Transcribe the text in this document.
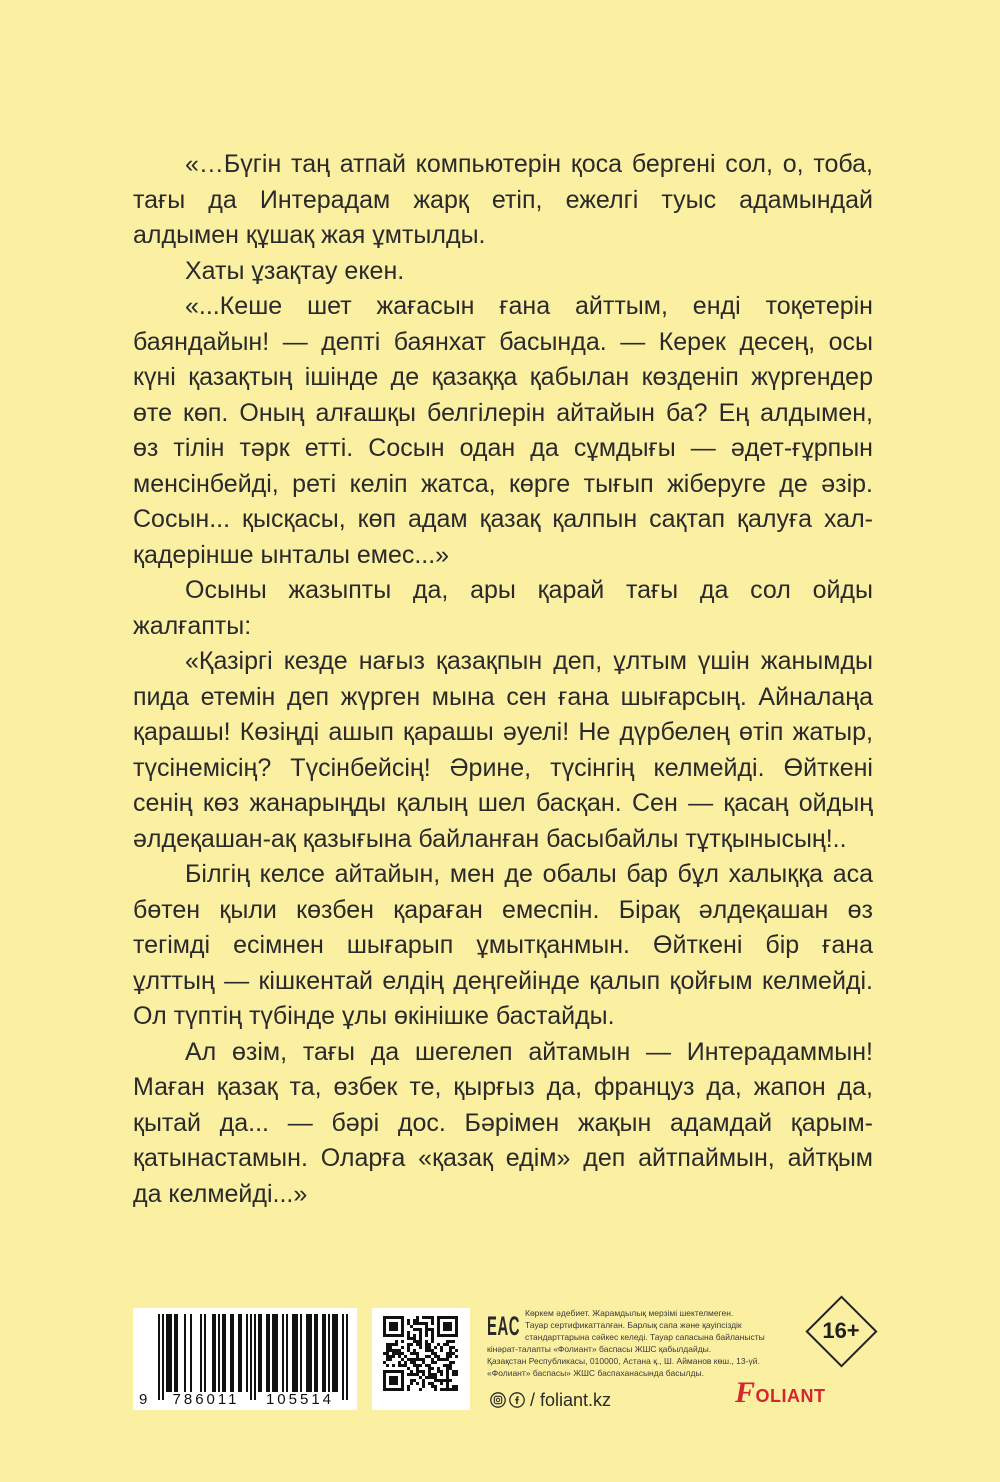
«…Бүгін таң атпай компьютерін қоса бергені сол, о, тоба,
тағы да Интерадам жарқ етіп, ежелгі туыс адамындай
алдымен құшақ жая ұмтылды.
Хаты ұзақтау екен.
«...Кеше шет жағасын ғана айттым, енді тоқетерін
баяндайын! — депті баянхат басында. — Керек десең, осы
күні қазақтың ішінде де қазаққа қабылан көзденіп жүргендер
өте көп. Оның алғашқы белгілерін айтайын ба? Ең алдымен,
өз тілін тәрк етті. Сосын одан да сұмдығы — әдет-ғұрпын
менсінбейді, реті келіп жатса, көрге тығып жіберуге де әзір.
Сосын... қысқасы, көп адам қазақ қалпын сақтап қалуға хал-
қадерінше ынталы емес...»
Осыны жазыпты да, ары қарай тағы да сол ойды
жалғапты:
«Қазіргі кезде нағыз қазақпын деп, ұлтым үшін жанымды
пида етемін деп жүрген мына сен ғана шығарсың. Айналаңа
қарашы! Көзіңді ашып қарашы әуелі! Не дүрбелең өтіп жатыр,
түсінемісің? Түсінбейсің! Әрине, түсінгің келмейді. Өйткені
сенің көз жанарыңды қалың шел басқан. Сен — қасаң ойдың
әлдеқашан-ақ қазығына байланған басыбайлы тұтқынысың!..
Білгің келсе айтайын, мен де обалы бар бұл халыққа аса
бөтен қыли көзбен қараған емеспін. Бірақ әлдеқашан өз
тегімді есімнен шығарып ұмытқанмын. Өйткені бір ғана
ұлттың — кішкентай елдің деңгейінде қалып қойғым келмейді.
Ол түптің түбінде ұлы өкінішке бастайды.
Ал өзім, тағы да шегелеп айтамын — Интерадаммын!
Маған қазақ та, өзбек те, қырғыз да, француз да, жапон да,
қытай да... — бәрі дос. Бәрімен жақын адамдай қарым-
қатынастамын. Оларға «қазақ едім» деп айтпаймын, айтқым
да келмейді...»
9	786011	105514
EAC Көркем әдебиет. Жарамдылық мерзімі шектелмеген.
Тауар сертификатталған. Барлық сапа және қауіпсіздік
стандарттарына сәйкес келеді. Тауар сапасына байланысты
кінәрат-талапты «Фолиант» баспасы ЖШС қабылдайды.
Қазақстан Республикасы, 010000, Астана қ., Ш. Айманов көш., 13-үй.
«Фолиант» баспасы» ЖШС баспаханасында басылды.
/ foliant.kz
16+
FOLIANT
